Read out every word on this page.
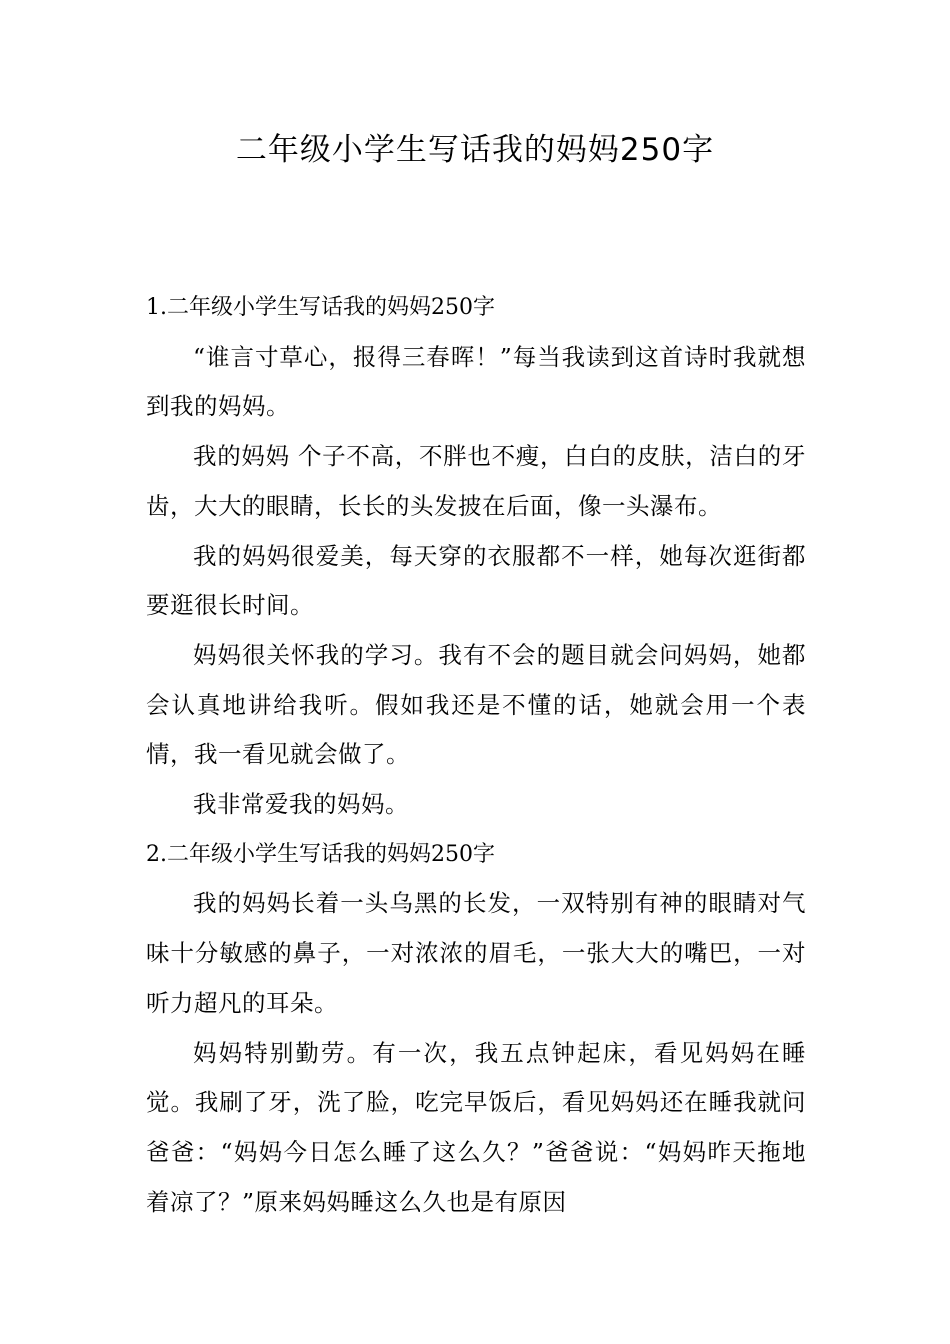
二年级小学生写话我的妈妈250字
1.二年级小学生写话我的妈妈250字

“谁言寸草心，报得三春晖！”每当我读到这首诗时我就想到我的妈妈。

我的妈妈 个子不高，不胖也不瘦，白白的皮肤，洁白的牙齿，大大的眼睛，长长的头发披在后面，像一头瀑布。

我的妈妈很爱美，每天穿的衣服都不一样，她每次逛街都要逛很长时间。

妈妈很关怀我的学习。我有不会的题目就会问妈妈，她都会认真地讲给我听。假如我还是不懂的话，她就会用一个表情，我一看见就会做了。

我非常爱我的妈妈。

2.二年级小学生写话我的妈妈250字

我的妈妈长着一头乌黑的长发，一双特别有神的眼睛对气味十分敏感的鼻子，一对浓浓的眉毛，一张大大的嘴巴，一对听力超凡的耳朵。

妈妈特别勤劳。有一次，我五点钟起床，看见妈妈在睡觉。我刷了牙，洗了脸，吃完早饭后，看见妈妈还在睡我就问爸爸：“妈妈今日怎么睡了这么久？”爸爸说：“妈妈昨天拖地着凉了？”原来妈妈睡这么久也是有原因
